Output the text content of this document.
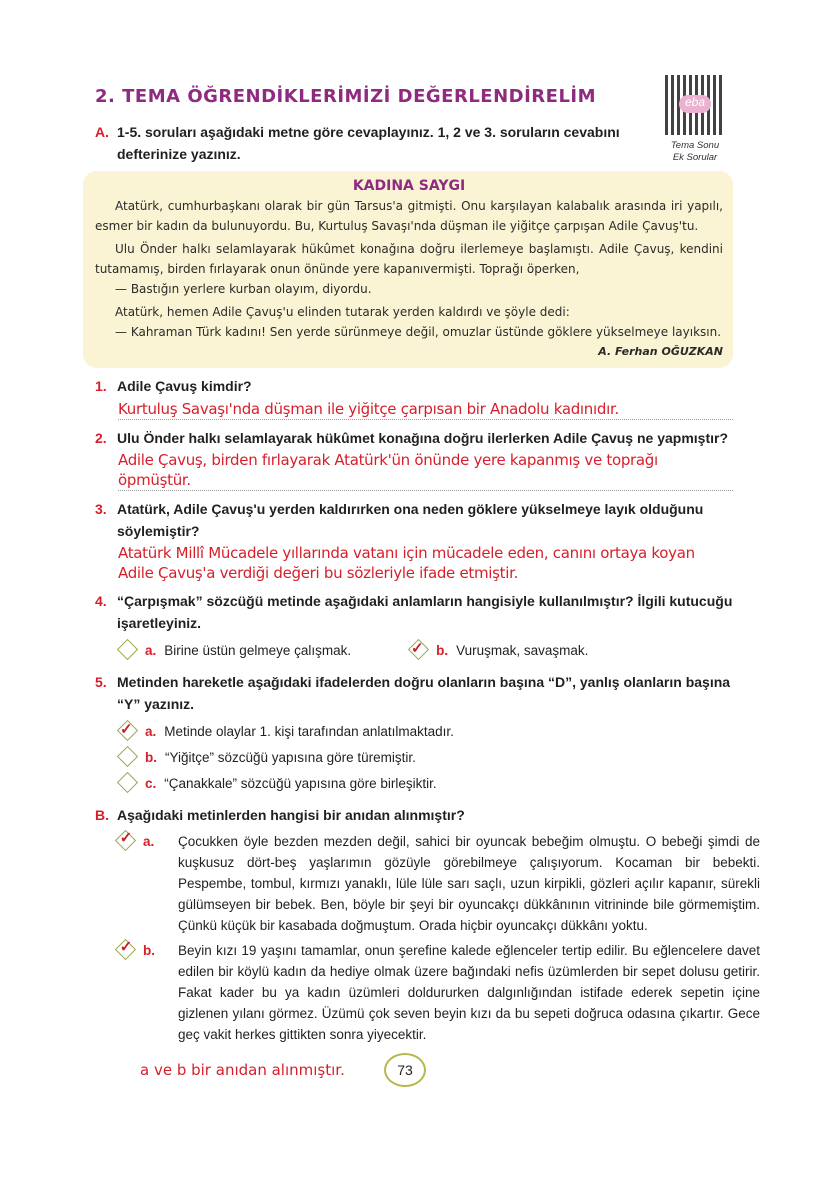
2. TEMA ÖĞRENDİKLERİMİZİ DEĞERLENDİRELİM	eba
Tema Sonu
Ek Sorular
A. 1-5. soruları aşağıdaki metne göre cevaplayınız. 1, 2 ve 3. soruların cevabını defterinize yazınız.
KADINA SAYGI

Atatürk, cumhurbaşkanı olarak bir gün Tarsus'a gitmişti. Onu karşılayan kalabalık arasında iri yapılı, esmer bir kadın da bulunuyordu. Bu, Kurtuluş Savaşı'nda düşman ile yiğitçe çarpışan Adile Çavuş'tu.

Ulu Önder halkı selamlayarak hükûmet konağına doğru ilerlemeye başlamıştı. Adile Çavuş, kendini tutamamış, birden fırlayarak onun önünde yere kapanıvermişti. Toprağı öperken,

— Bastığın yerlere kurban olayım, diyordu.

Atatürk, hemen Adile Çavuş'u elinden tutarak yerden kaldırdı ve şöyle dedi:

— Kahraman Türk kadını! Sen yerde sürünmeye değil, omuzlar üstünde göklere yükselmeye layıksın.

A. Ferhan OĞUZKAN

1. Adile Çavuş kimdir?
Kurtuluş Savaşı'nda düşman ile yiğitçe çarpısan bir Anadolu kadınıdır.
2. Ulu Önder halkı selamlayarak hükûmet konağına doğru ilerlerken Adile Çavuş ne yapmıştır?
Adile Çavuş, birden fırlayarak Atatürk'ün önünde yere kapanmış ve toprağı öpmüştür.
3. Atatürk, Adile Çavuş'u yerden kaldırırken ona neden göklere yükselmeye layık olduğunu söylemiştir?
Atatürk Millî Mücadele yıllarında vatanı için mücadele eden, canını ortaya koyan Adile Çavuş'a verdiği değeri bu sözleriyle ifade etmiştir.
4. “Çarpışmak” sözcüğü metinde aşağıdaki anlamların hangisiyle kullanılmıştır? İlgili kutucuğu işaretleyiniz.
a. Birine üstün gelmeye çalışmak.	✓ b. Vuruşmak, savaşmak.
5. Metinden hareketle aşağıdaki ifadelerden doğru olanların başına “D”, yanlış olanların başına “Y” yazınız.
✓ a. Metinde olaylar 1. kişi tarafından anlatılmaktadır.
b. “Yiğitçe” sözcüğü yapısına göre türemiştir.
c. “Çanakkale” sözcüğü yapısına göre birleşiktir.
B. Aşağıdaki metinlerden hangisi bir anıdan alınmıştır?
✓ a.	Çocukken öyle bezden mezden değil, sahici bir oyuncak bebeğim olmuştu. O bebeği şimdi de kuşkusuz dört-beş yaşlarımın gözüyle görebilmeye çalışıyorum. Kocaman bir bebekti. Pespembe, tombul, kırmızı yanaklı, lüle lüle sarı saçlı, uzun kirpikli, gözleri açılır kapanır, sürekli gülümseyen bir bebek. Ben, böyle bir şeyi bir oyuncakçı dükkânının vitrininde bile görmemiştim. Çünkü küçük bir kasabada doğmuştum. Orada hiçbir oyuncakçı dükkânı yoktu.
✓ b.	Beyin kızı 19 yaşını tamamlar, onun şerefine kalede eğlenceler tertip edilir. Bu eğlencelere davet edilen bir köylü kadın da hediye olmak üzere bağındaki nefis üzümlerden bir sepet dolusu getirir. Fakat kader bu ya kadın üzümleri doldururken dalgınlığından istifade ederek sepetin içine gizlenen yılanı görmez. Üzümü çok seven beyin kızı da bu sepeti doğruca odasına çıkartır. Gece geç vakit herkes gittikten sonra yiyecektir.
a ve b bir anıdan alınmıştır.	73
